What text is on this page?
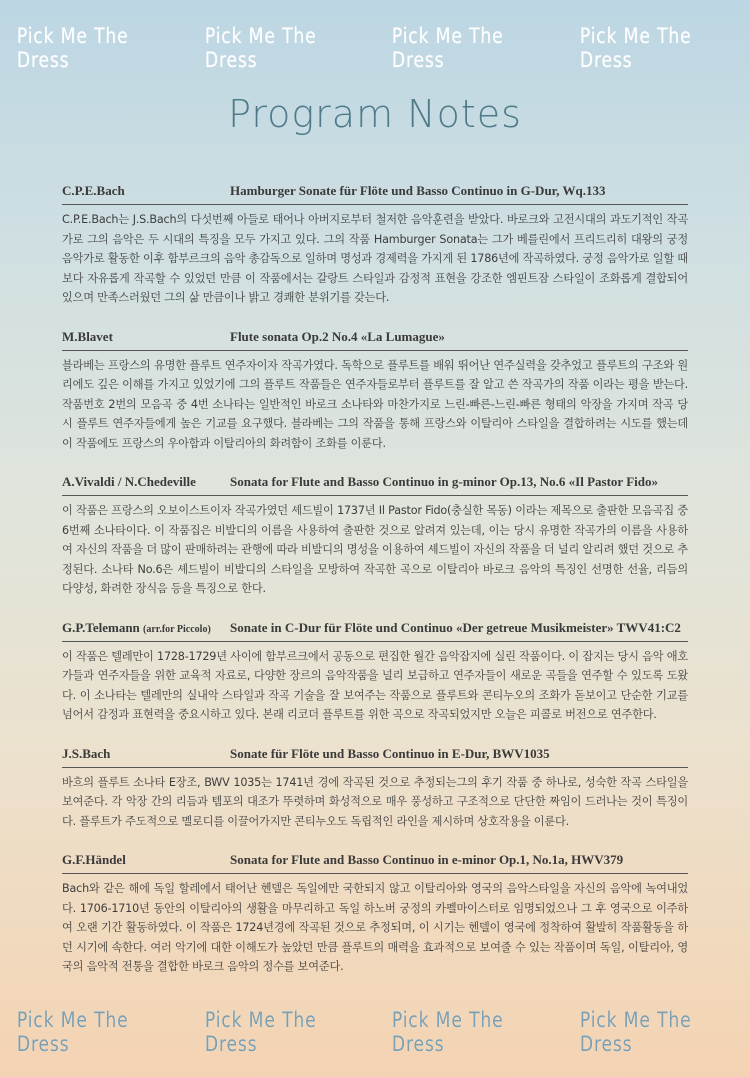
Pick Me The Dress
Pick Me The Dress
Pick Me The Dress
Pick Me The Dress
Program Notes
C.P.E.Bach	Hamburger Sonate für Flöte und Basso Continuo in G-Dur, Wq.133

C.P.E.Bach는 J.S.Bach의 다섯번째 아들로 태어나 아버지로부터 철저한 음악훈련을 받았다. 바로크와 고전시대의 과도기적인 작곡가로 그의 음악은 두 시대의 특징을 모두 가지고 있다. 그의 작품 Hamburger Sonata는 그가 베를린에서 프리드리히 대왕의 궁정 음악가로 활동한 이후 함부르크의 음악 총감독으로 일하며 명성과 경제력을 가지게 된 1786년에 작곡하였다. 궁정 음악가로 일할 때보다 자유롭게 작곡할 수 있었던 만큼 이 작품에서는 갈랑트 스타일과 감정적 표현을 강조한 엠핀트잠 스타일이 조화롭게 결합되어 있으며 만족스러웠던 그의 삶 만큼이나 밝고 경쾌한 분위기를 갖는다.

M.Blavet	Flute sonata Op.2 No.4 «La Lumague»

블라베는 프랑스의 유명한 플루트 연주자이자 작곡가였다. 독학으로 플루트를 배워 뛰어난 연주실력을 갖추었고 플루트의 구조와 원리에도 깊은 이해를 가지고 있었기에 그의 플루트 작품들은 연주자들로부터 플루트를 잘 알고 쓴 작곡가의 작품 이라는 평을 받는다. 작품번호 2번의 모음곡 중 4번 소나타는 일반적인 바로크 소나타와 마찬가지로 느린-빠른-느린-빠른 형태의 악장을 가지며 작곡 당시 플루트 연주자들에게 높은 기교를 요구했다. 블라베는 그의 작품을 통해 프랑스와 이탈리아 스타일을 결합하려는 시도를 했는데 이 작품에도 프랑스의 우아함과 이탈리아의 화려함이 조화를 이룬다.

A.Vivaldi / N.Chedeville	Sonata for Flute and Basso Continuo in g-minor Op.13, No.6 «Il Pastor Fido»

이 작품은 프랑스의 오보이스트이자 작곡가였던 셰드빌이 1737년 Il Pastor Fido(충실한 목동) 이라는 제목으로 출판한 모음곡집 중 6번째 소나타이다. 이 작품집은 비발디의 이름을 사용하여 출판한 것으로 알려져 있는데, 이는 당시 유명한 작곡가의 이름을 사용하여 자신의 작품을 더 많이 판매하려는 관행에 따라 비발디의 명성을 이용하여 셰드빌이 자신의 작품을 더 널리 알리려 했던 것으로 추정된다. 소나타 No.6은 셰드빌이 비발디의 스타일을 모방하여 작곡한 곡으로 이탈리아 바로크 음악의 특징인 선명한 선율, 리듬의 다양성, 화려한 장식음 등을 특징으로 한다.

G.P.Telemann (arr.for Piccolo)	Sonate in C-Dur für Flöte und Continuo «Der getreue Musikmeister» TWV41:C2

이 작품은 텔레만이 1728-1729년 사이에 함부르크에서 공동으로 편집한 월간 음악잡지에 실린 작품이다. 이 잡지는 당시 음악 애호가들과 연주자들을 위한 교육적 자료로, 다양한 장르의 음악작품을 널리 보급하고 연주자들이 새로운 곡들을 연주할 수 있도록 도왔다. 이 소나타는 텔레만의 실내악 스타일과 작곡 기술을 잘 보여주는 작품으로 플루트와 콘티누오의 조화가 돋보이고 단순한 기교를 넘어서 감정과 표현력을 중요시하고 있다. 본래 리코더 플루트를 위한 곡으로 작곡되었지만 오늘은 피콜로 버전으로 연주한다.

J.S.Bach	Sonate für Flöte und Basso Continuo in E-Dur, BWV1035

바흐의 플루트 소나타 E장조, BWV 1035는 1741년 경에 작곡된 것으로 추정되는그의 후기 작품 중 하나로, 성숙한 작곡 스타일을 보여준다. 각 악장 간의 리듬과 템포의 대조가 뚜렷하며 화성적으로 매우 풍성하고 구조적으로 단단한 짜임이 드러나는 것이 특징이다. 플루트가 주도적으로 멜로디를 이끌어가지만 콘티누오도 독립적인 라인을 제시하며 상호작용을 이룬다.

G.F.Händel	Sonata for Flute and Basso Continuo in e-minor Op.1, No.1a, HWV379

Bach와 같은 해에 독일 할레에서 태어난 헨델은 독일에만 국한되지 않고 이탈리아와 영국의 음악스타일을 자신의 음악에 녹여내었다. 1706-1710년 동안의 이탈리아의 생활을 마무리하고 독일 하노버 궁정의 카펠마이스터로 임명되었으나 그 후 영국으로 이주하여 오랜 기간 활동하였다. 이 작품은 1724년경에 작곡된 것으로 추정되며, 이 시기는 헨델이 영국에 정착하여 활발히 작품활동을 하던 시기에 속한다. 여러 악기에 대한 이해도가 높았던 만큼 플루트의 매력을 효과적으로 보여줄 수 있는 작품이며 독일, 이탈리아, 영국의 음악적 전통을 결합한 바로크 음악의 정수를 보여준다.

Pick Me The Dress
Pick Me The Dress
Pick Me The Dress
Pick Me The Dress
